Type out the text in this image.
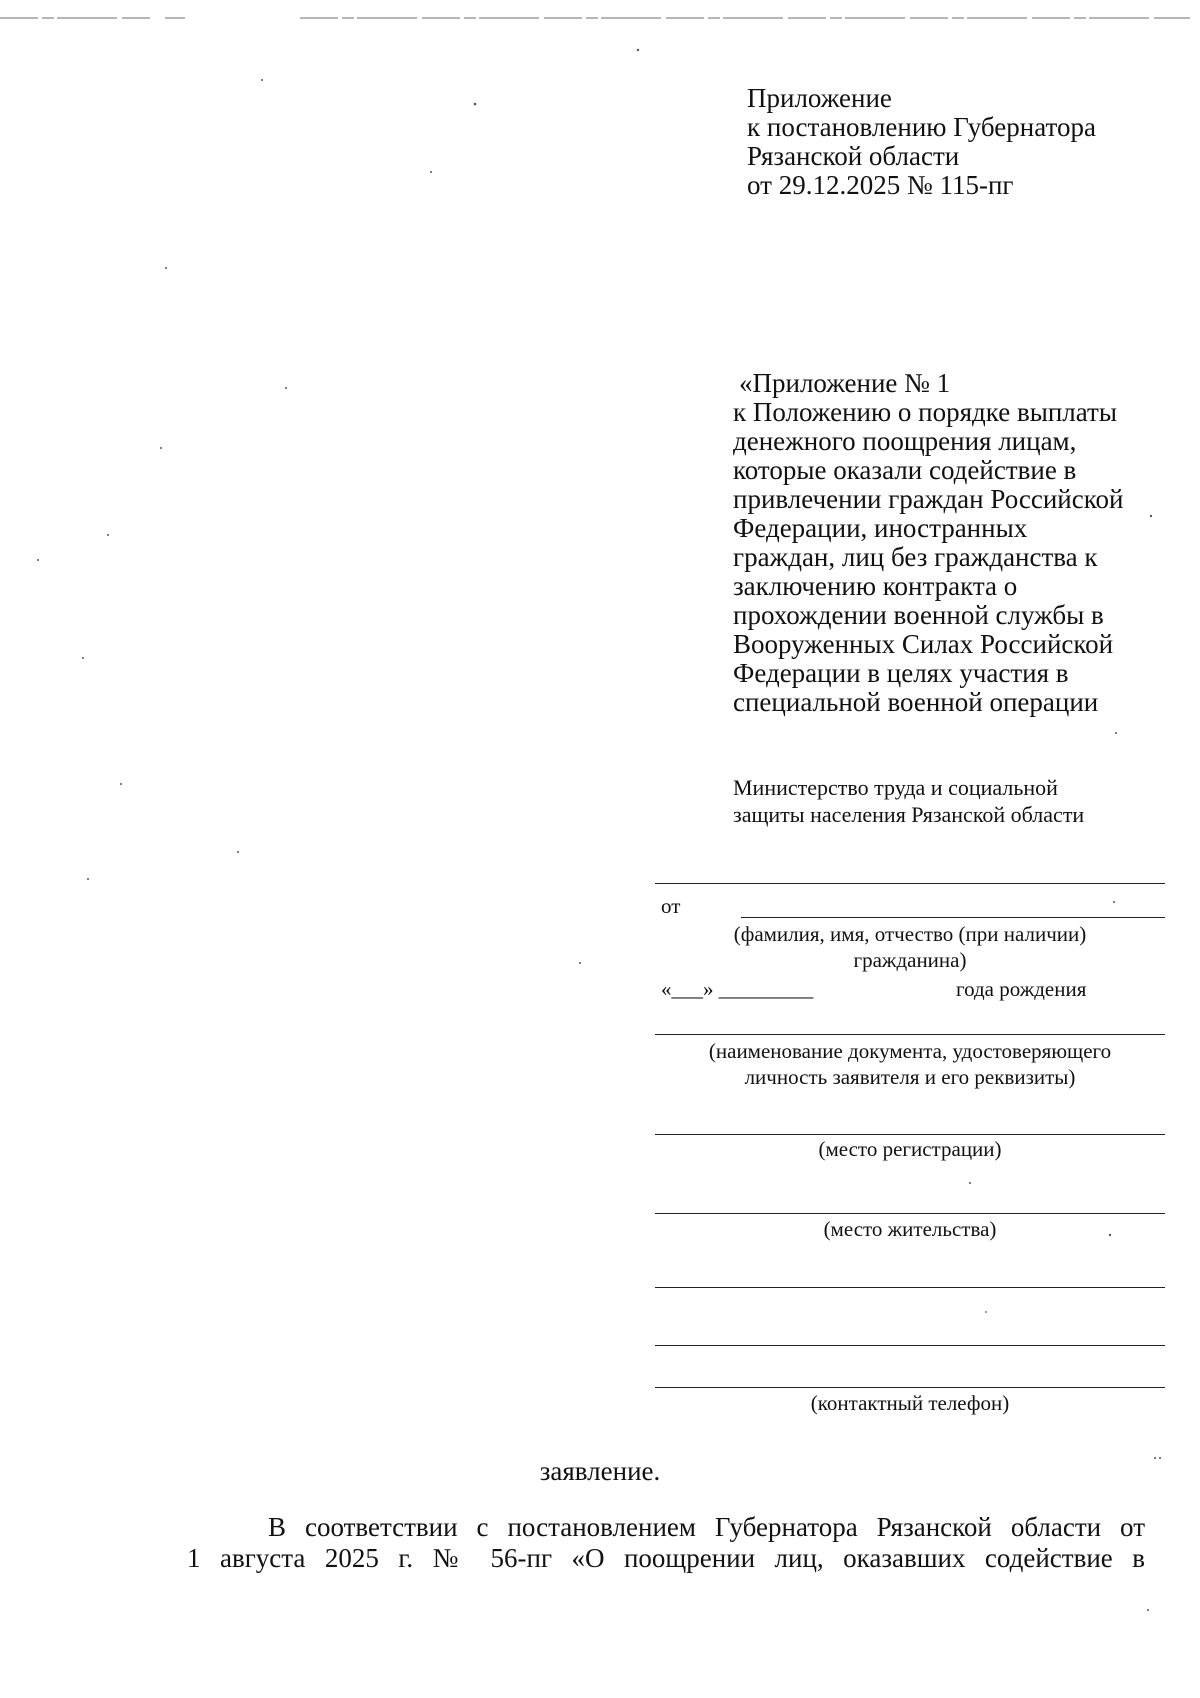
Приложение
к постановлению Губернатора
Рязанской области
от 29.12.2025 № 115-пг
«Приложение № 1
к Положению о порядке выплаты
денежного поощрения лицам,
которые оказали содействие в
привлечении граждан Российской
Федерации, иностранных
граждан, лиц без гражданства к
заключению контракта о
прохождении военной службы в
Вооруженных Силах Российской
Федерации в целях участия в
специальной военной операции
Министерство труда и социальной
защиты населения Рязанской области
от
(фамилия, имя, отчество (при наличии)
гражданина)
«___» _________	года рождения
(наименование документа, удостоверяющего
личность заявителя и его реквизиты)
(место регистрации)
(место жительства)
(контактный телефон)
заявление.
В соответствии с постановлением Губернатора Рязанской области от
1 августа 2025 г. № 56-пг «О поощрении лиц, оказавших содействие в
